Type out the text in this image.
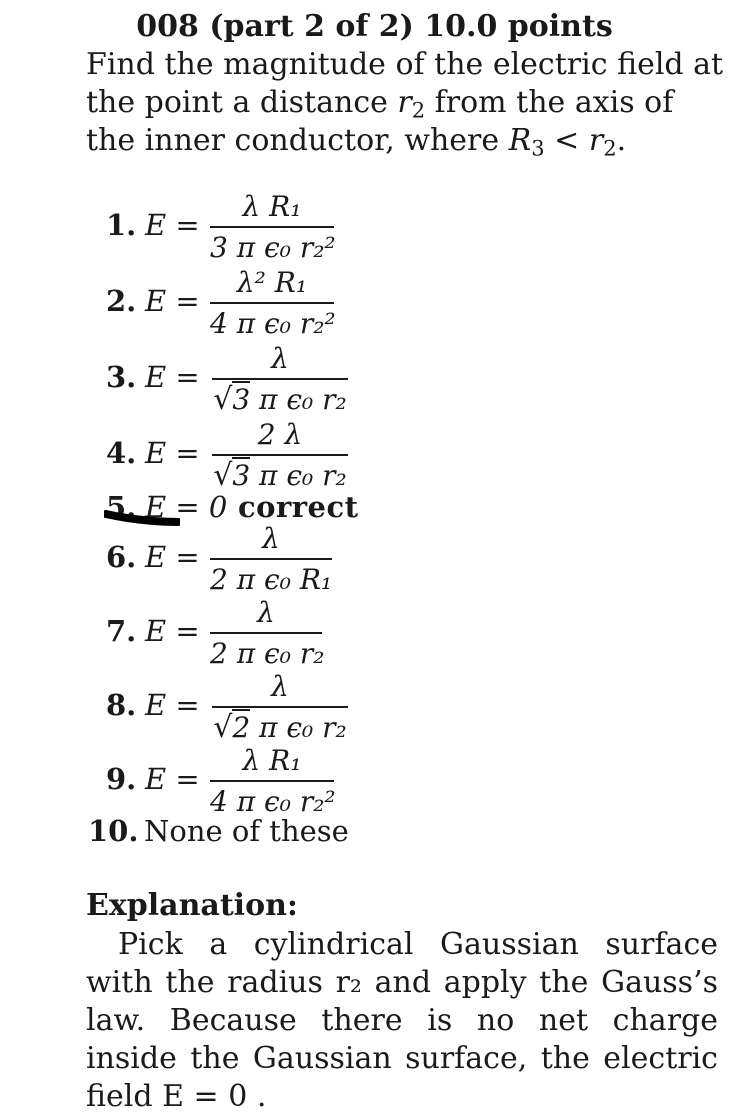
008 (part 2 of 2) 10.0 points
Find the magnitude of the electric field at the point a distance $r_2$ from the axis of the inner conductor, where $R_3 < r_2$.
1. E =
λ R₁
3 π ϵ₀ r₂²
2. E =
λ² R₁
4 π ϵ₀ r₂²
3. E =
λ
√3 π ϵ₀ r₂
4. E =
2 λ
√3 π ϵ₀ r₂
5. E = 0 correct
6. E =
λ
2 π ϵ₀ R₁
7. E =
λ
2 π ϵ₀ r₂
8. E =
λ
√2 π ϵ₀ r₂
9. E =
λ R₁
4 π ϵ₀ r₂²
10. None of these
Explanation:
Pick a cylindrical Gaussian surface with the radius r₂ and apply the Gauss’s law. Because there is no net charge inside the Gaussian surface, the electric field E = 0 .
